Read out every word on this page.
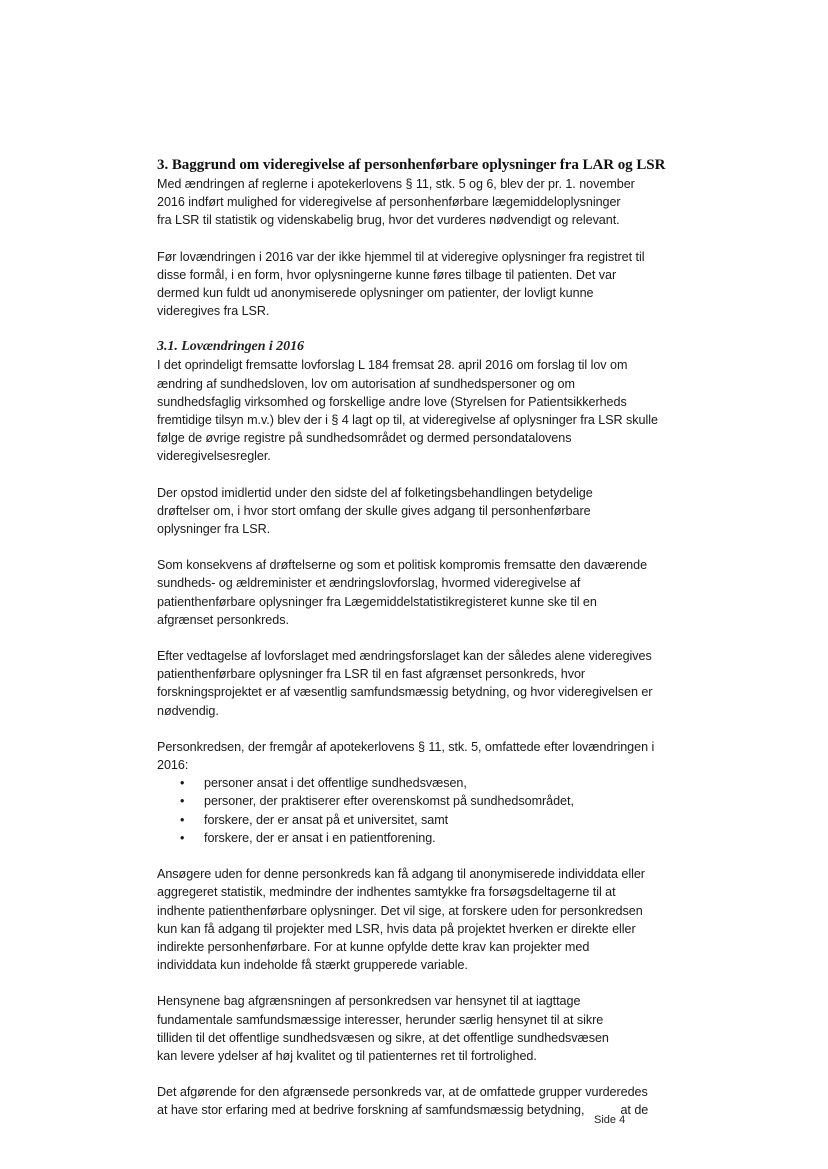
3. Baggrund om videregivelse af personhenførbare oplysninger fra LAR og LSR

Med ændringen af reglerne i apotekerlovens § 11, stk. 5 og 6, blev der pr. 1. november
2016 indført mulighed for videregivelse af personhenførbare lægemiddeloplysninger
fra LSR til statistik og videnskabelig brug, hvor det vurderes nødvendigt og relevant.

Før lovændringen i 2016 var der ikke hjemmel til at videregive oplysninger fra registret til
disse formål, i en form, hvor oplysningerne kunne føres tilbage til patienten. Det var
dermed kun fuldt ud anonymiserede oplysninger om patienter, der lovligt kunne
videregives fra LSR.

3.1. Lovændringen i 2016

I det oprindeligt fremsatte lovforslag L 184 fremsat 28. april 2016 om forslag til lov om
ændring af sundhedsloven, lov om autorisation af sundhedspersoner og om
sundhedsfaglig virksomhed og forskellige andre love (Styrelsen for Patientsikkerheds
fremtidige tilsyn m.v.) blev der i § 4 lagt op til, at videregivelse af oplysninger fra LSR skulle
følge de øvrige registre på sundhedsområdet og dermed persondatalovens
videregivelsesregler.

Der opstod imidlertid under den sidste del af folketingsbehandlingen betydelige
drøftelser om, i hvor stort omfang der skulle gives adgang til personhenførbare
oplysninger fra LSR.

Som konsekvens af drøftelserne og som et politisk kompromis fremsatte den daværende
sundheds- og ældreminister et ændringslovforslag, hvormed videregivelse af
patienthenførbare oplysninger fra Lægemiddelstatistikregisteret kunne ske til en
afgrænset personkreds.

Efter vedtagelse af lovforslaget med ændringsforslaget kan der således alene videregives
patienthenførbare oplysninger fra LSR til en fast afgrænset personkreds, hvor
forskningsprojektet er af væsentlig samfundsmæssig betydning, og hvor videregivelsen er
nødvendig.

Personkredsen, der fremgår af apotekerlovens § 11, stk. 5, omfattede efter lovændringen i
2016:

• personer ansat i det offentlige sundhedsvæsen,
• personer, der praktiserer efter overenskomst på sundhedsområdet,
• forskere, der er ansat på et universitet, samt
• forskere, der er ansat i en patientforening.

Ansøgere uden for denne personkreds kan få adgang til anonymiserede individdata eller
aggregeret statistik, medmindre der indhentes samtykke fra forsøgsdeltagerne til at
indhente patienthenførbare oplysninger. Det vil sige, at forskere uden for personkredsen
kun kan få adgang til projekter med LSR, hvis data på projektet hverken er direkte eller
indirekte personhenførbare. For at kunne opfylde dette krav kan projekter med
individdata kun indeholde få stærkt grupperede variable.

Hensynene bag afgrænsningen af personkredsen var hensynet til at iagttage
fundamentale samfundsmæssige interesser, herunder særlig hensynet til at sikre
tilliden til det offentlige sundhedsvæsen og sikre, at det offentlige sundhedsvæsen
kan levere ydelser af høj kvalitet og til patienternes ret til fortrolighed.

Det afgørende for den afgrænsede personkreds var, at de omfattede grupper vurderedes
at have stor erfaring med at bedrive forskning af samfundsmæssig betydning,	at de

Side 4
